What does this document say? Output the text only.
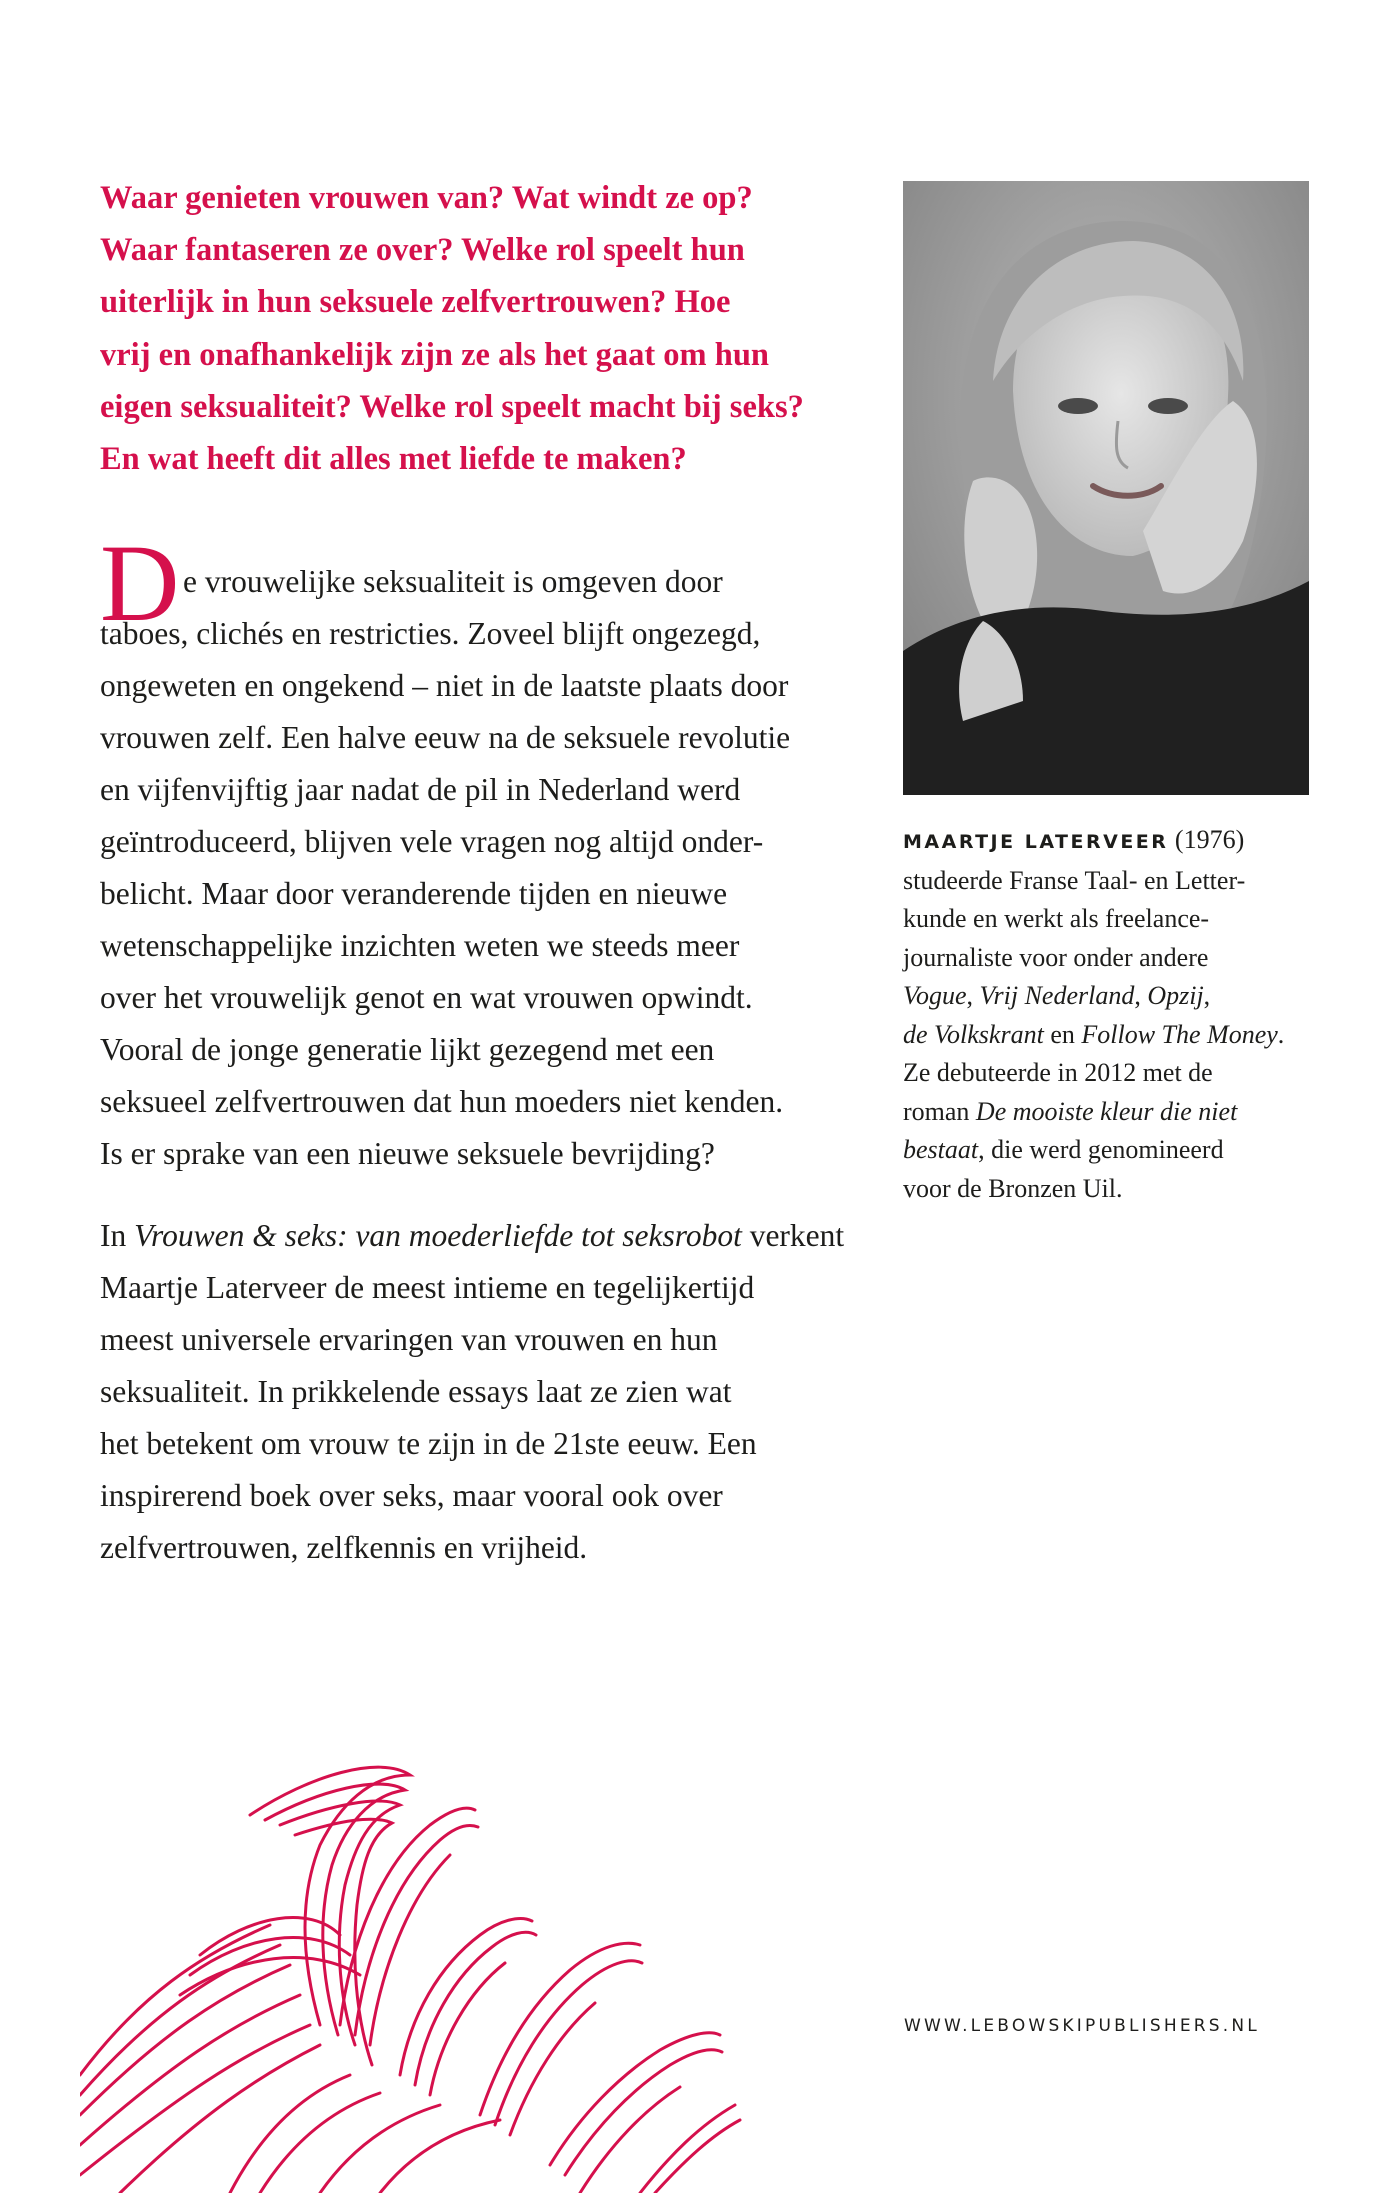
Waar genieten vrouwen van? Wat windt ze op?

Waar fantaseren ze over? Welke rol speelt hun

uiterlijk in hun seksuele zelfvertrouwen? Hoe

vrij en onafhankelijk zijn ze als het gaat om hun

eigen seksualiteit? Welke rol speelt macht bij seks?

En wat heeft dit alles met liefde te maken?

D e vrouwelijke seksualiteit is omgeven door

taboes, clichés en restricties. Zoveel blijft ongezegd,

ongeweten en ongekend – niet in de laatste plaats door

vrouwen zelf. Een halve eeuw na de seksuele revolutie

en vijfenvijftig jaar nadat de pil in Nederland werd

geïntroduceerd, blijven vele vragen nog altijd onder-

belicht. Maar door veranderende tijden en nieuwe

wetenschappelijke inzichten weten we steeds meer

over het vrouwelijk genot en wat vrouwen opwindt.

Vooral de jonge generatie lijkt gezegend met een

seksueel zelfvertrouwen dat hun moeders niet kenden.

Is er sprake van een nieuwe seksuele bevrijding?

In Vrouwen & seks: van moederliefde tot seksrobot verkent

Maartje Laterveer de meest intieme en tegelijkertijd

meest universele ervaringen van vrouwen en hun

seksualiteit. In prikkelende essays laat ze zien wat

het betekent om vrouw te zijn in de 21ste eeuw. Een

inspirerend boek over seks, maar vooral ook over

zelfvertrouwen, zelfkennis en vrijheid.

MAARTJE LATERVEER (1976)

studeerde Franse Taal- en Letter-

kunde en werkt als freelance-

journaliste voor onder andere

Vogue, Vrij Nederland, Opzij,

de Volkskrant en Follow The Money.

Ze debuteerde in 2012 met de

roman De mooiste kleur die niet

bestaat, die werd genomineerd

voor de Bronzen Uil.

WWW.LEBOWSKIPUBLISHERS.NL
